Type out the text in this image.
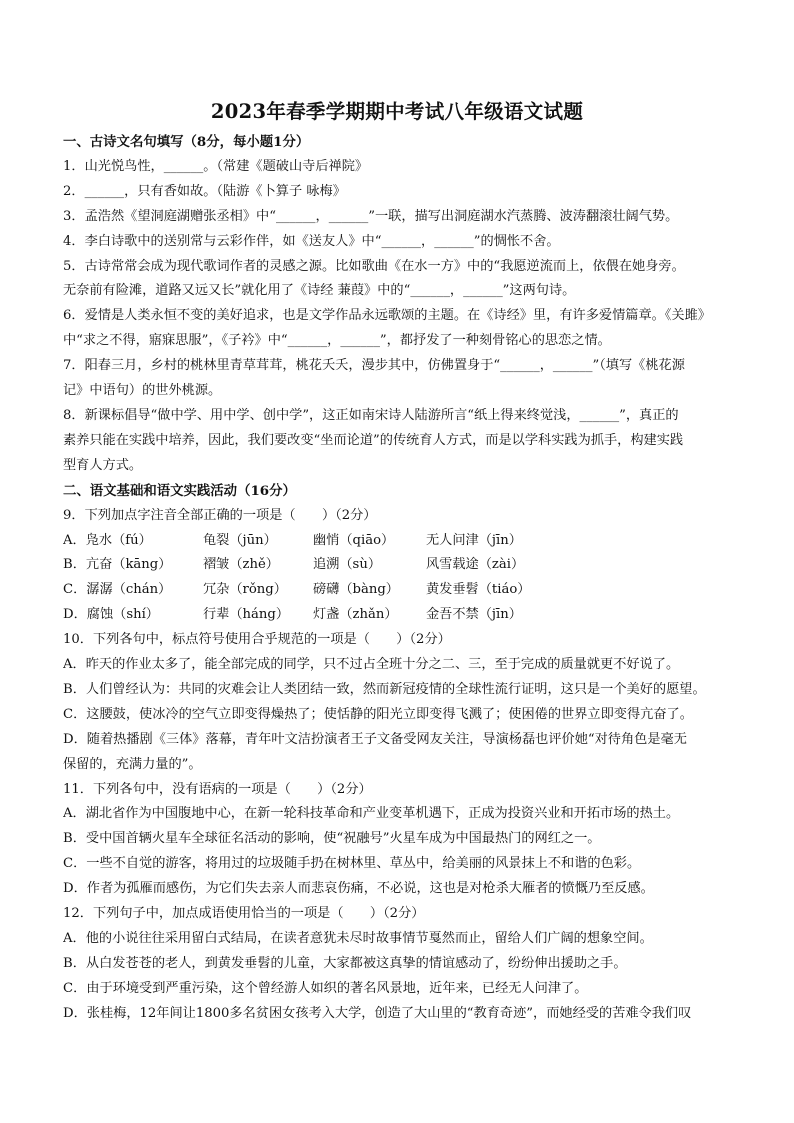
2023年春季学期期中考试八年级语文试题

一、古诗文名句填写（8分，每小题1分）

1．山光悦鸟性，______。（常建《题破山寺后禅院》

2．______，只有香如故。（陆游《卜算子 咏梅》

3．孟浩然《望洞庭湖赠张丞相》中“______，______”一联，描写出洞庭湖水汽蒸腾、波涛翻滚壮阔气势。

4．李白诗歌中的送别常与云彩作伴，如《送友人》中“______，______”的惆怅不舍。

5．古诗常常会成为现代歌词作者的灵感之源。比如歌曲《在水一方》中的“我愿逆流而上，依偎在她身旁。

无奈前有险滩，道路又远又长”就化用了《诗经 蒹葭》中的“______，______”这两句诗。

6．爱情是人类永恒不变的美好追求，也是文学作品永远歌颂的主题。在《诗经》里，有许多爱情篇章。《关雎》

中“求之不得，寤寐思服”，《子衿》中“______，______”，都抒发了一种刻骨铭心的思恋之情。

7．阳春三月，乡村的桃林里青草茸茸，桃花夭夭，漫步其中，仿佛置身于“______，______”（填写《桃花源

记》中语句）的世外桃源。

8．新课标倡导“做中学、用中学、创中学”，这正如南宋诗人陆游所言“纸上得来终觉浅，______”，真正的

素养只能在实践中培养，因此，我们要改变“坐而论道”的传统育人方式，而是以学科实践为抓手，构建实践

型育人方式。

二、语文基础和语文实践活动（16分）

9．下列加点字注音全部正确的一项是（　　）（2分）

A．凫水（fú）	龟裂（jūn）	幽悄（qiāo）	无人问津（jīn）

B．亢奋（kāng）	褶皱（zhě）	追溯（sù）	风雪载途（zài）

C．潺潺（chán）	冗杂（rǒng）	磅礴（bàng）	黄发垂髫（tiáo）

D．腐蚀（shí）	行辈（háng）	灯盏（zhǎn）	金吾不禁（jīn）

10．下列各句中，标点符号使用合乎规范的一项是（　　）（2分）

A．昨天的作业太多了，能全部完成的同学，只不过占全班十分之二、三，至于完成的质量就更不好说了。

B．人们曾经认为：共同的灾难会让人类团结一致，然而新冠疫情的全球性流行证明，这只是一个美好的愿望。

C．这腰鼓，使冰冷的空气立即变得燥热了；使恬静的阳光立即变得飞溅了；使困倦的世界立即变得亢奋了。

D．随着热播剧《三体》落幕，青年叶文洁扮演者王子文备受网友关注，导演杨磊也评价她“对待角色是毫无

保留的，充满力量的”。

11．下列各句中，没有语病的一项是（　　）（2分）

A．湖北省作为中国腹地中心，在新一轮科技革命和产业变革机遇下，正成为投资兴业和开拓市场的热土。

B．受中国首辆火星车全球征名活动的影响，使“祝融号”火星车成为中国最热门的网红之一。

C．一些不自觉的游客，将用过的垃圾随手扔在树林里、草丛中，给美丽的风景抹上不和谐的色彩。

D．作者为孤雁而感伤，为它们失去亲人而悲哀伤痛，不必说，这也是对枪杀大雁者的愤慨乃至反感。

12．下列句子中，加点成语使用恰当的一项是（　　）（2分）

A．他的小说往往采用留白式结局，在读者意犹未尽时故事情节戛然而止，留给人们广阔的想象空间。

B．从白发苍苍的老人，到黄发垂髫的儿童，大家都被这真挚的情谊感动了，纷纷伸出援助之手。

C．由于环境受到严重污染，这个曾经游人如织的著名风景地，近年来，已经无人问津了。

D．张桂梅，12年间让1800多名贫困女孩考入大学，创造了大山里的“教育奇迹”，而她经受的苦难令我们叹
